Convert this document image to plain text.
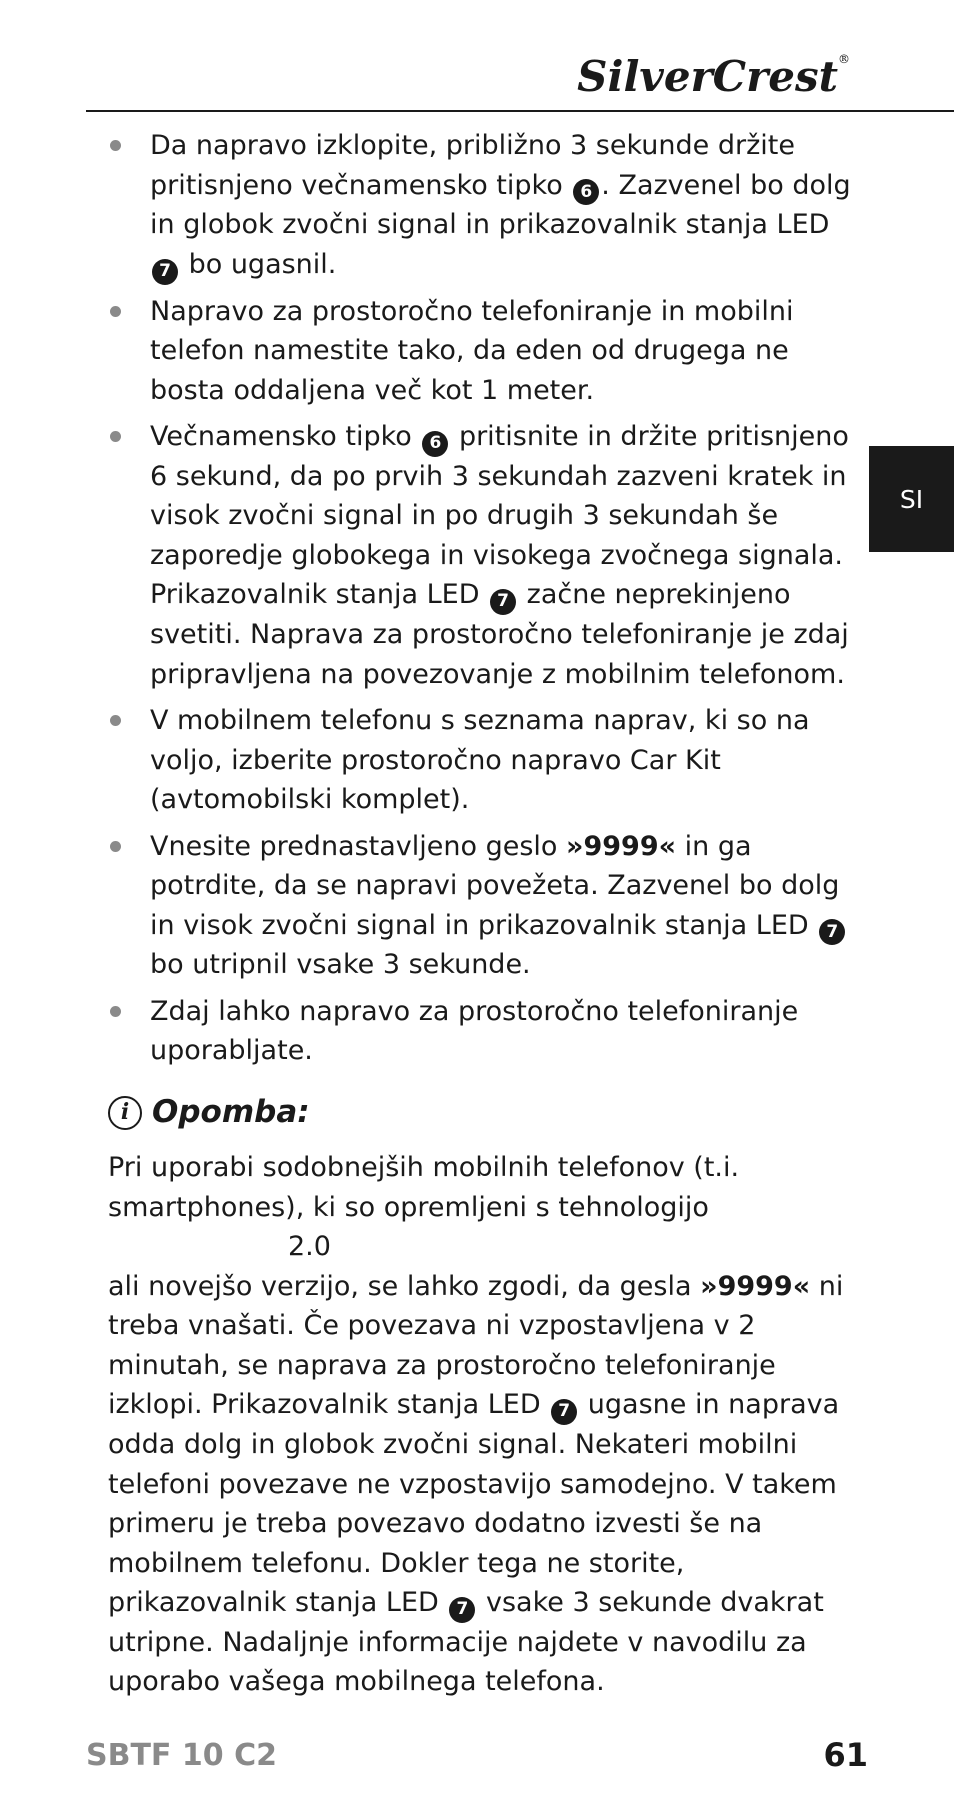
SilverCrest®
SI
Da napravo izklopite, približno 3 sekunde držite pritisnjeno večnamensko tipko 6 . Zazvenel bo dolg in globok zvočni signal in prikazovalnik stanja LED 7 bo ugasnil.
Napravo za prostoročno telefoniranje in mobilni telefon namestite tako, da eden od drugega ne bosta oddaljena več kot 1 meter.
Večnamensko tipko 6 pritisnite in držite pritisnjeno 6 sekund, da po prvih 3 sekundah zazveni kratek in visok zvočni signal in po drugih 3 sekundah še zaporedje globokega in visokega zvočnega signala. Prikazovalnik stanja LED 7 začne neprekinjeno svetiti. Naprava za prostoročno telefoniranje je zdaj pripravljena na povezovanje z mobilnim telefonom.
V mobilnem telefonu s seznama naprav, ki so na voljo, izberite prostoročno napravo Car Kit (avtomobilski komplet).
Vnesite prednastavljeno geslo »9999« in ga potrdite, da se napravi povežeta. Zazvenel bo dolg in visok zvočni signal in prikazovalnik stanja LED 7 bo utripnil vsake 3 sekunde.
Zdaj lahko napravo za prostoročno telefoniranje uporabljate.
i Opomba:

Pri uporabi sodobnejših mobilnih telefonov (t.i. smartphones), ki so opremljeni s tehnologijo2.0
ali novejšo verzijo, se lahko zgodi, da gesla »9999« ni treba vnašati. Če povezava ni vzpostavljena v 2 minutah, se naprava za prostoročno telefoniranje izklopi. Prikazovalnik stanja LED 7 ugasne in naprava odda dolg in globok zvočni signal. Nekateri mobilni telefoni povezave ne vzpostavijo samodejno. V takem primeru je treba povezavo dodatno izvesti še na mobilnem telefonu. Dokler tega ne storite, prikazovalnik stanja LED 7 vsake 3 sekunde dvakrat utripne. Nadaljnje informacije najdete v navodilu za uporabo vašega mobilnega telefona.

SBTF 10 C2	61
